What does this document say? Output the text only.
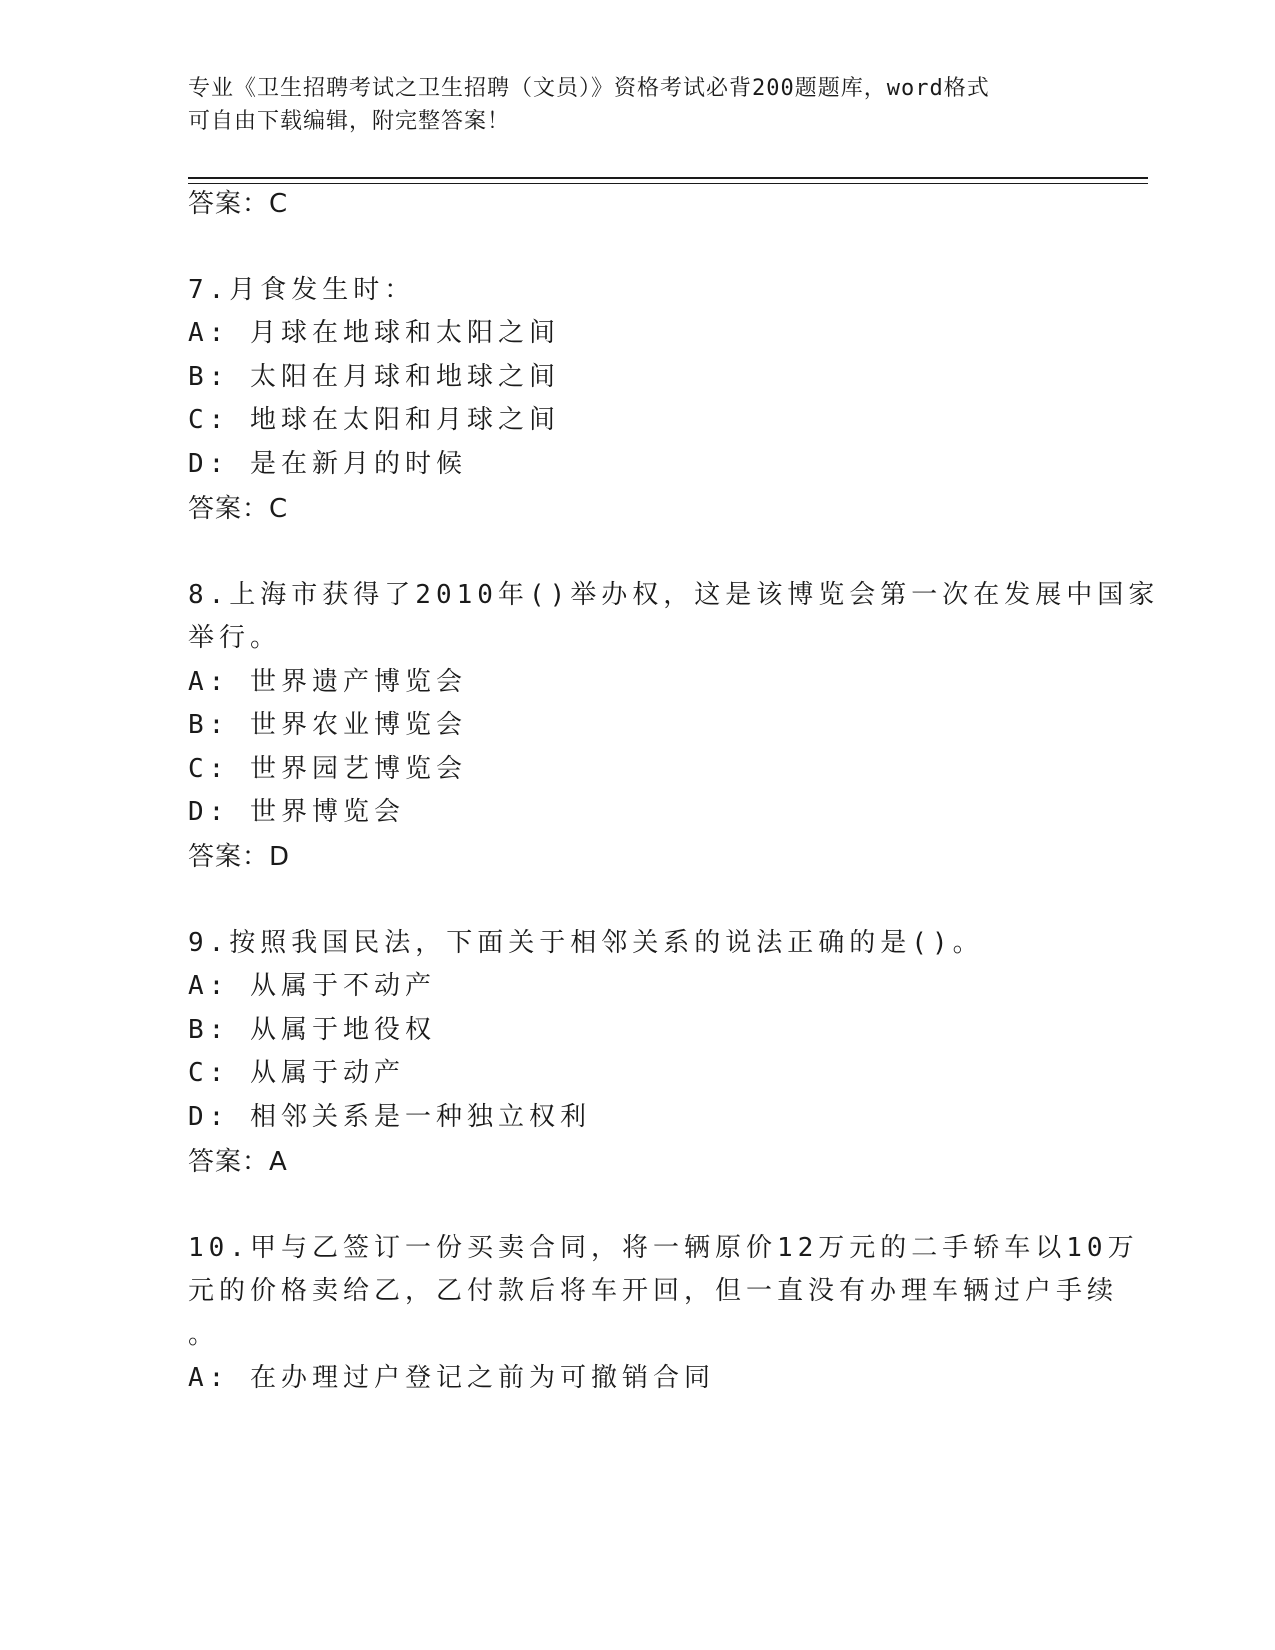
专业《卫生招聘考试之卫生招聘（文员）》资格考试必背200题题库，word格式
可自由下载编辑，附完整答案！
答案：C
7.月食发生时：
A: 月球在地球和太阳之间
B: 太阳在月球和地球之间
C: 地球在太阳和月球之间
D: 是在新月的时候
答案：C
8.上海市获得了2010年()举办权，这是该博览会第一次在发展中国家
举行。
A: 世界遗产博览会
B: 世界农业博览会
C: 世界园艺博览会
D: 世界博览会
答案：D
9.按照我国民法，下面关于相邻关系的说法正确的是()。
A: 从属于不动产
B: 从属于地役权
C: 从属于动产
D: 相邻关系是一种独立权利
答案：A
10.甲与乙签订一份买卖合同，将一辆原价12万元的二手轿车以10万
元的价格卖给乙，乙付款后将车开回，但一直没有办理车辆过户手续
。
A: 在办理过户登记之前为可撤销合同
